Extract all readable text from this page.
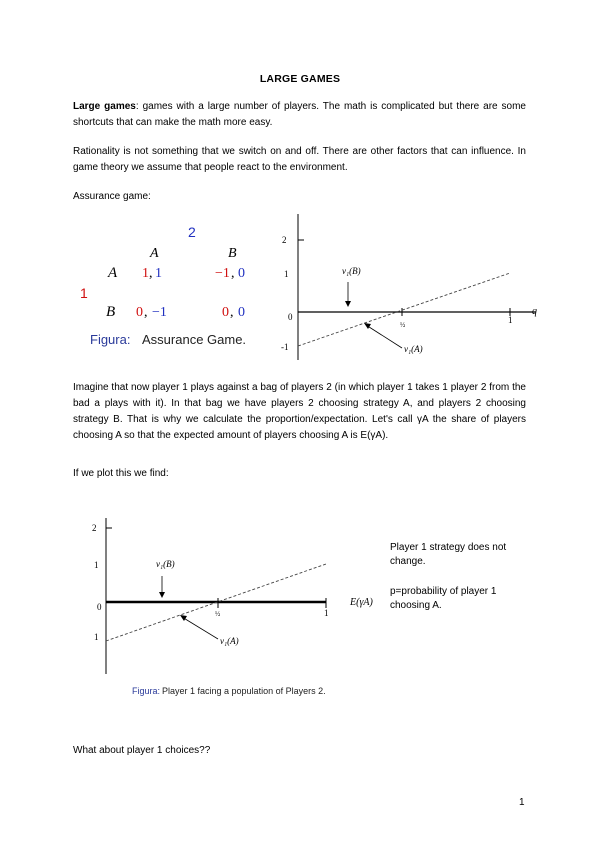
LARGE GAMES
Large games: games with a large number of players. The math is complicated but there are some shortcuts that can make the math more easy.
Rationality is not something that we switch on and off. There are other factors that can influence. In game theory we assume that people react to the environment.
Assurance game:
2
A	B
A 1 , 1	−1 , 0
1
B 0 , −1	0 , 0
Figura: Assurance Game.
2
1
0
-1
½	1
q
v₁(B)
v₁(A)
Imagine that now player 1 plays against a bag of players 2 (in which player 1 takes 1 player 2 from the bad a plays with it). In that bag we have players 2 choosing strategy A, and players 2 choosing strategy B. That is why we calculate the proportion/expectation. Let's call γA the share of players choosing A so that the expected amount of players choosing A is E(γA).
If we plot this we find:
2
1
0
1
½	1
v₁(B)
v₁(A)
Figura: Player 1 facing a population of Players 2.
E(γA)
Player 1 strategy does not change.
p=probability of player 1 choosing A.
What about player 1 choices??
1
